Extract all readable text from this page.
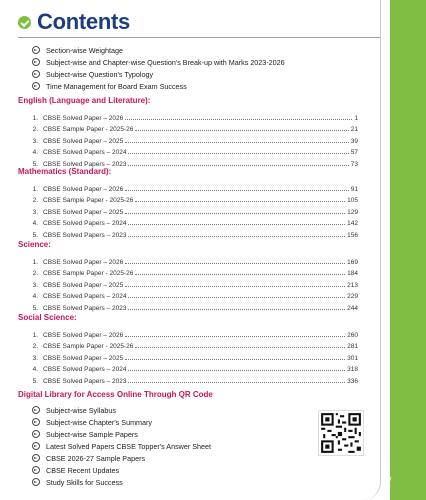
Contents
Section-wise Weightage
Subject-wise and Chapter-wise Question's Break-up with Marks 2023-2026
Subject-wise Question's Typology
Time Management for Board Exam Success
English (Language and Literature):
1. CBSE Solved Paper – 2026	1
2. CBSE Sample Paper - 2025-26	21
3. CBSE Solved Paper – 2025	39
4. CBSE Solved Papers – 2024	57
5. CBSE Solved Papers – 2023	73
Mathematics (Standard):
1. CBSE Solved Paper – 2026	91
2. CBSE Sample Paper - 2025-26	105
3. CBSE Solved Paper – 2025	129
4. CBSE Solved Papers – 2024	142
5. CBSE Solved Papers – 2023	156
Science:
1. CBSE Solved Paper – 2026	169
2. CBSE Sample Paper - 2025-26	184
3. CBSE Solved Paper – 2025	213
4. CBSE Solved Papers – 2024	229
5. CBSE Solved Papers – 2023	244
Social Science:
1. CBSE Solved Paper – 2026	260
2. CBSE Sample Paper - 2025-26	281
3. CBSE Solved Paper – 2025	301
4. CBSE Solved Papers – 2024	318
5. CBSE Solved Papers – 2023	336
Digital Library for Access Online Through QR Code
Subject-wise Syllabus
Subject-wise Chapter's Summary
Subject-wise Sample Papers
Latest Solved Papers CBSE Topper's Answer Sheet
CBSE 2026-27 Sample Papers
CBSE Recent Updates
Study Skills for Success	v
